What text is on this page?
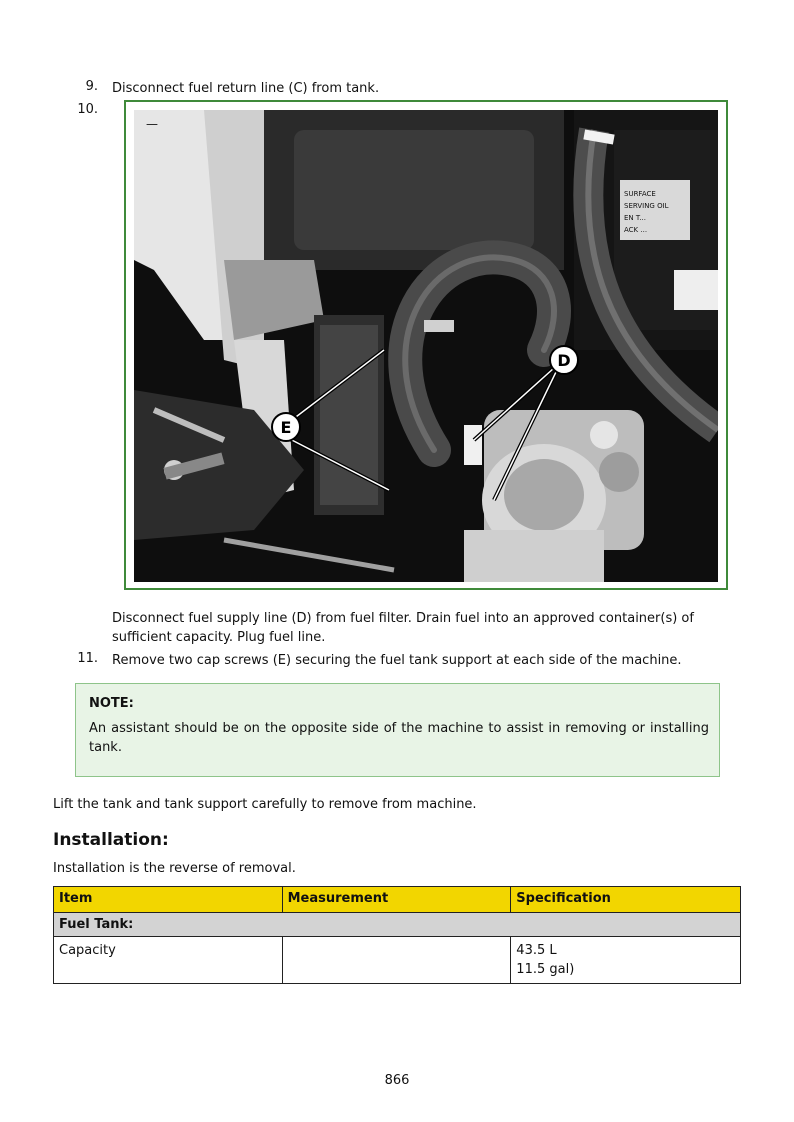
9. Disconnect fuel return line (C) from tank.
10.
SURFACE
SERVING OIL
EN T...
ACK ...
E
D
—
Disconnect fuel supply line (D) from fuel filter. Drain fuel into an approved container(s) of
sufficient capacity. Plug fuel line.
11. Remove two cap screws (E) securing the fuel tank support at each side of the machine.
NOTE:
An assistant should be on the opposite side of the machine to assist in removing or installing tank.
Lift the tank and tank support carefully to remove from machine.
Installation:
Installation is the reverse of removal.
Item	Measurement	Specification
Fuel Tank:		
Capacity		43.5 L
11.5 gal)
866
